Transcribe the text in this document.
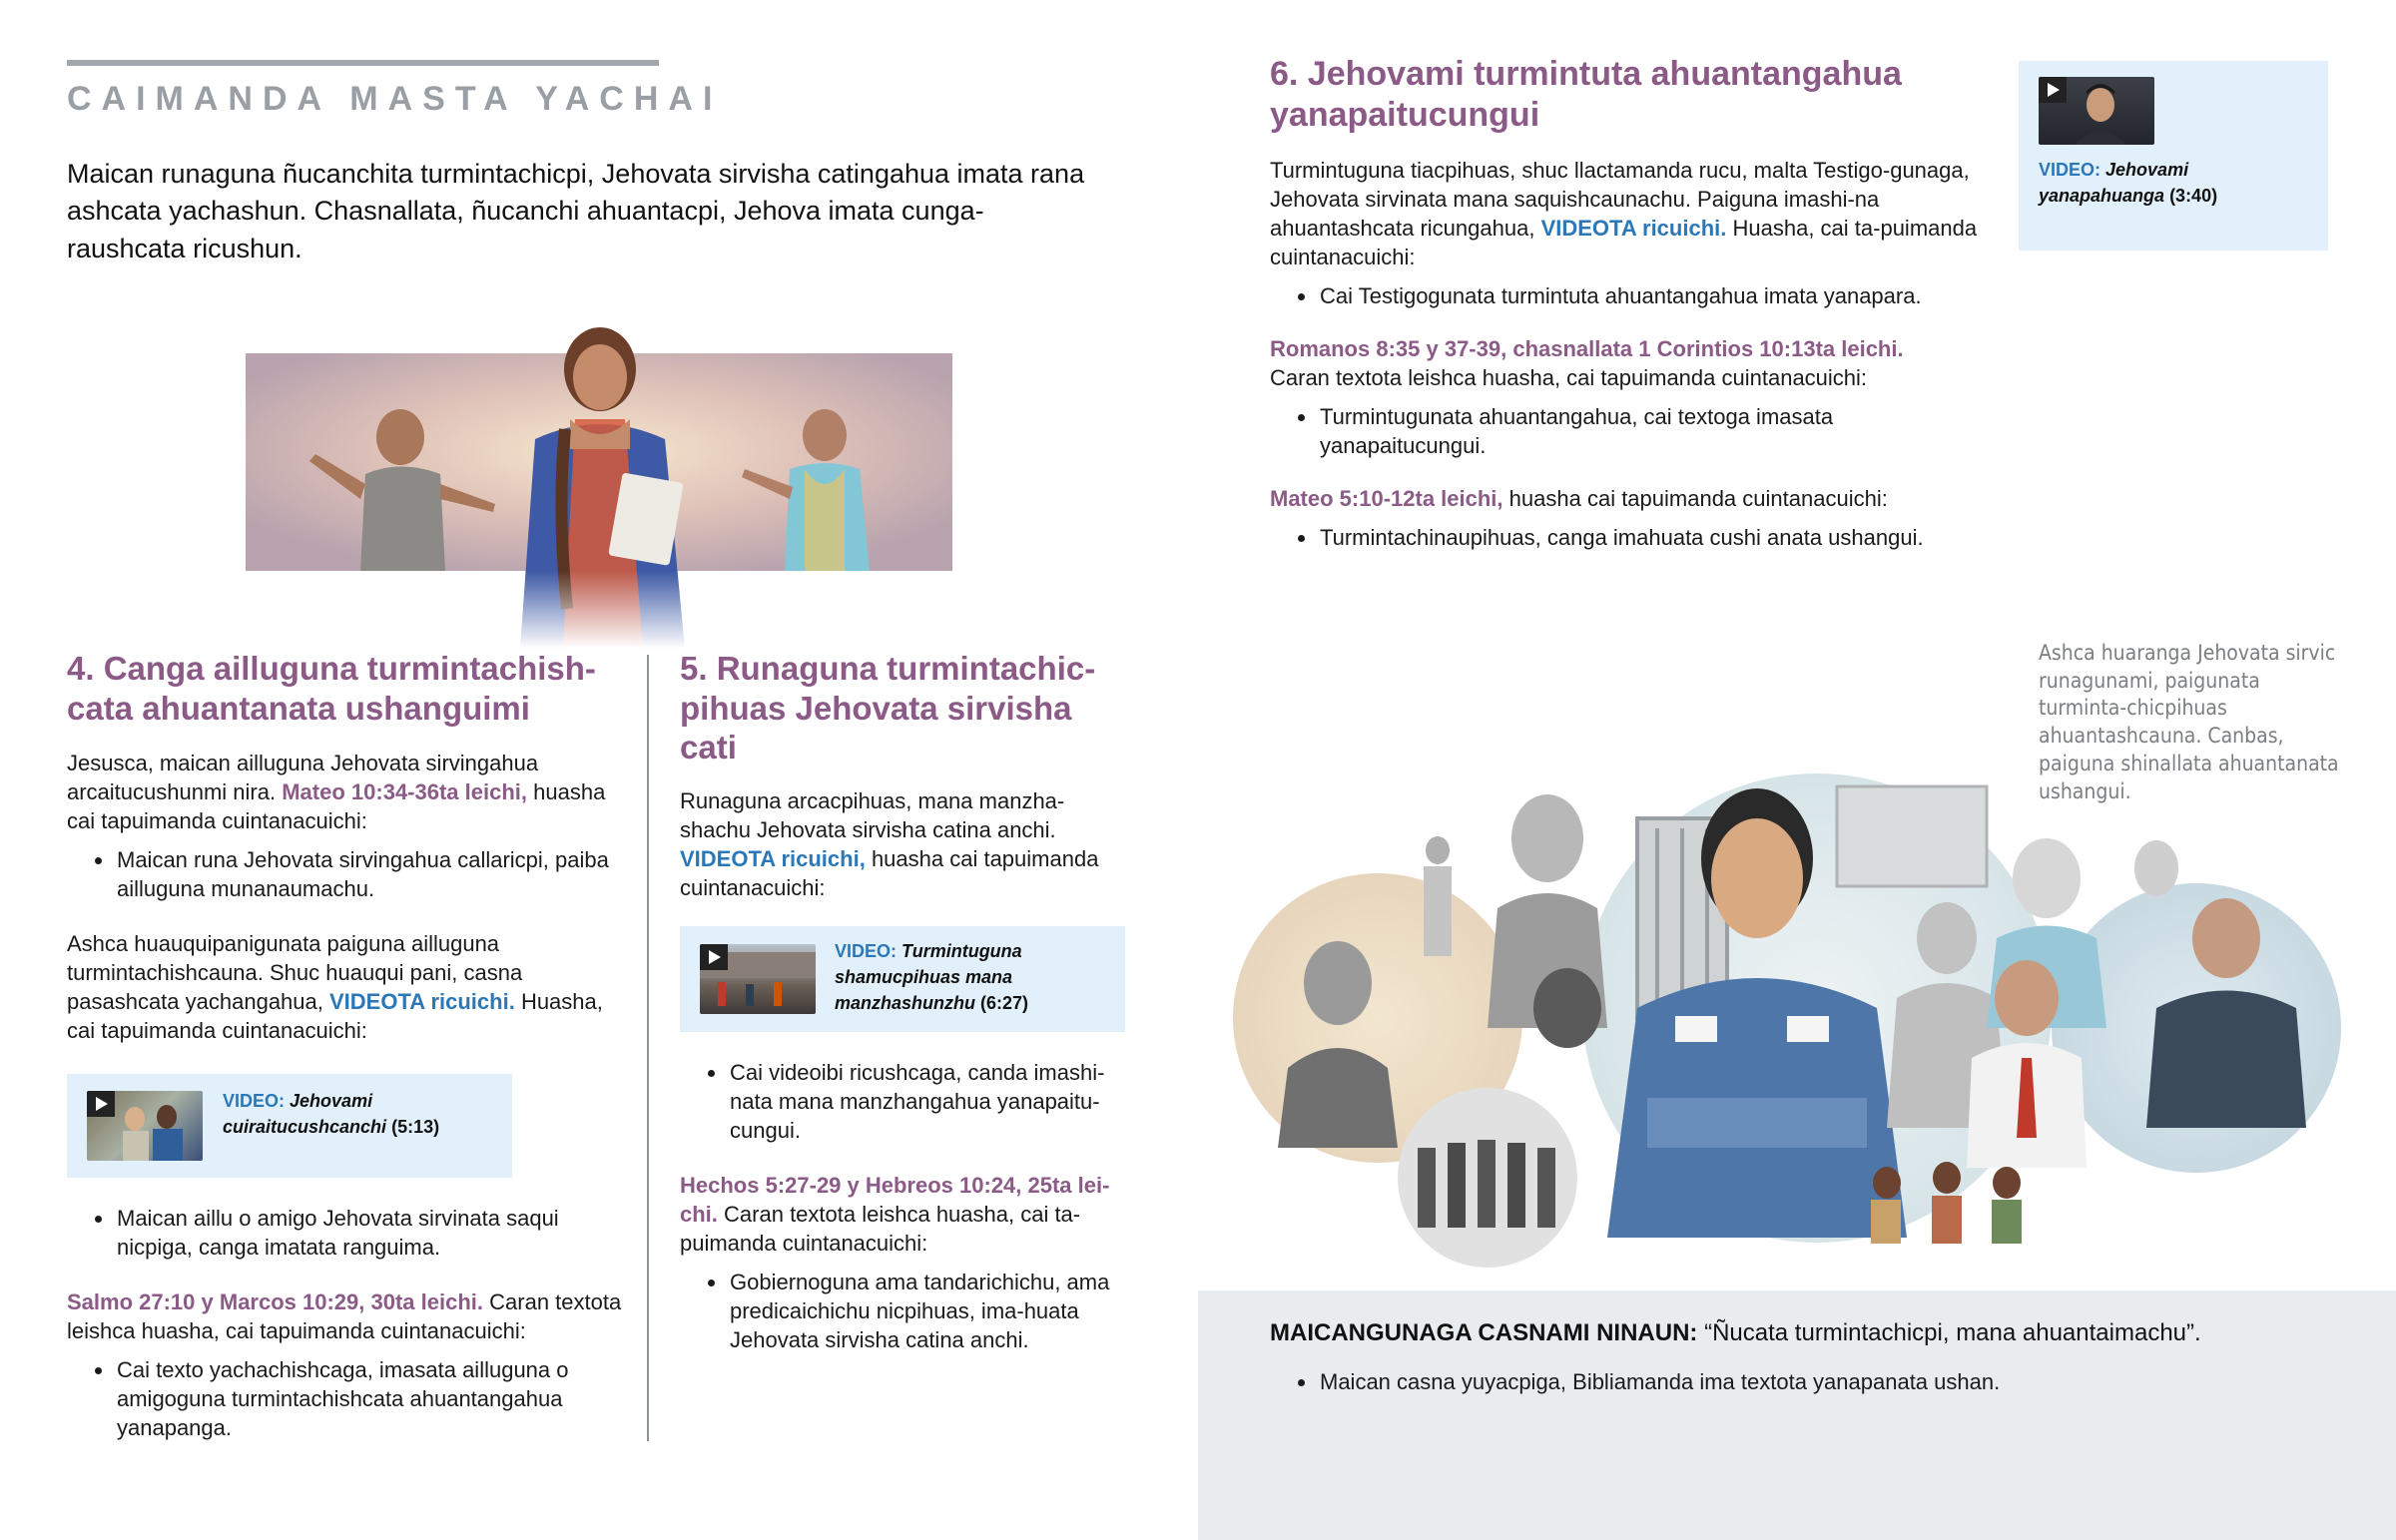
CAIMANDA MASTA YACHAI

Maican runaguna ñucanchita turmintachicpi, Jehovata sirvisha catingahua imata rana ashcata yachashun. Chasnallata, ñucanchi ahuantacpi, Jehova imata cunga-raushcata ricushun.

4. Canga ailluguna turmintachish-cata ahuantanata ushanguimi

Jesusca, maican ailluguna Jehovata sirvingahua arcaitucushunmi nira. Mateo 10:34-36ta leichi, huasha cai tapuimanda cuintanacuichi:

• Maican runa Jehovata sirvingahua callaricpi, paiba ailluguna munanaumachu.

Ashca huauquipanigunata paiguna ailluguna turmintachishcauna. Shuc huauqui pani, casna pasashcata yachangahua, VIDEOTA ricuichi. Huasha, cai tapuimanda cuintanacuichi:

VIDEO: Jehovami cuiraitucushcanchi (5:13)
• Maican aillu o amigo Jehovata sirvinata saqui nicpiga, canga imatata ranguima.

Salmo 27:10 y Marcos 10:29, 30ta leichi. Caran textota leishca huasha, cai tapuimanda cuintanacuichi:

• Cai texto yachachishcaga, imasata ailluguna o amigoguna turmintachishcata ahuantangahua yanapanga.
5. Runaguna turmintachic-pihuas Jehovata sirvisha cati

Runaguna arcacpihuas, mana manzha-shachu Jehovata sirvisha catina anchi. VIDEOTA ricuichi, huasha cai tapuimanda cuintanacuichi:

VIDEO: Turmintuguna shamucpihuas mana manzhashunzhu (6:27)
• Cai videoibi ricushcaga, canda imashi-nata mana manzhangahua yanapaitu-cungui.

Hechos 5:27-29 y Hebreos 10:24, 25ta lei-chi. Caran textota leishca huasha, cai ta-puimanda cuintanacuichi:

• Gobiernoguna ama tandarichichu, ama predicaichichu nicpihuas, ima-huata Jehovata sirvisha catina anchi.
6. Jehovami turmintuta ahuantangahua yanapaitucungui

Turmintuguna tiacpihuas, shuc llactamanda rucu, malta Testigo-gunaga, Jehovata sirvinata mana saquishcaunachu. Paiguna imashi-na ahuantashcata ricungahua, VIDEOTA ricuichi. Huasha, cai ta-puimanda cuintanacuichi:

• Cai Testigogunata turmintuta ahuantangahua imata yanapara.

Romanos 8:35 y 37-39, chasnallata 1 Corintios 10:13ta leichi.
Caran textota leishca huasha, cai tapuimanda cuintanacuichi:

• Turmintugunata ahuantangahua, cai textoga imasata yanapaitucungui.

Mateo 5:10-12ta leichi, huasha cai tapuimanda cuintanacuichi:

• Turmintachinaupihuas, canga imahuata cushi anata ushangui.
VIDEO: Jehovami yanapahuanga (3:40)

Ashca huaranga Jehovata sirvic runagunami, paigunata turminta-chicpihuas ahuantashcauna. Canbas, paiguna shinallata ahuantanata ushangui.

MAICANGUNAGA CASNAMI NINAUN: “Ñucata turmintachicpi, mana ahuantaimachu”.

• Maican casna yuyacpiga, Bibliamanda ima textota yanapanata ushan.
